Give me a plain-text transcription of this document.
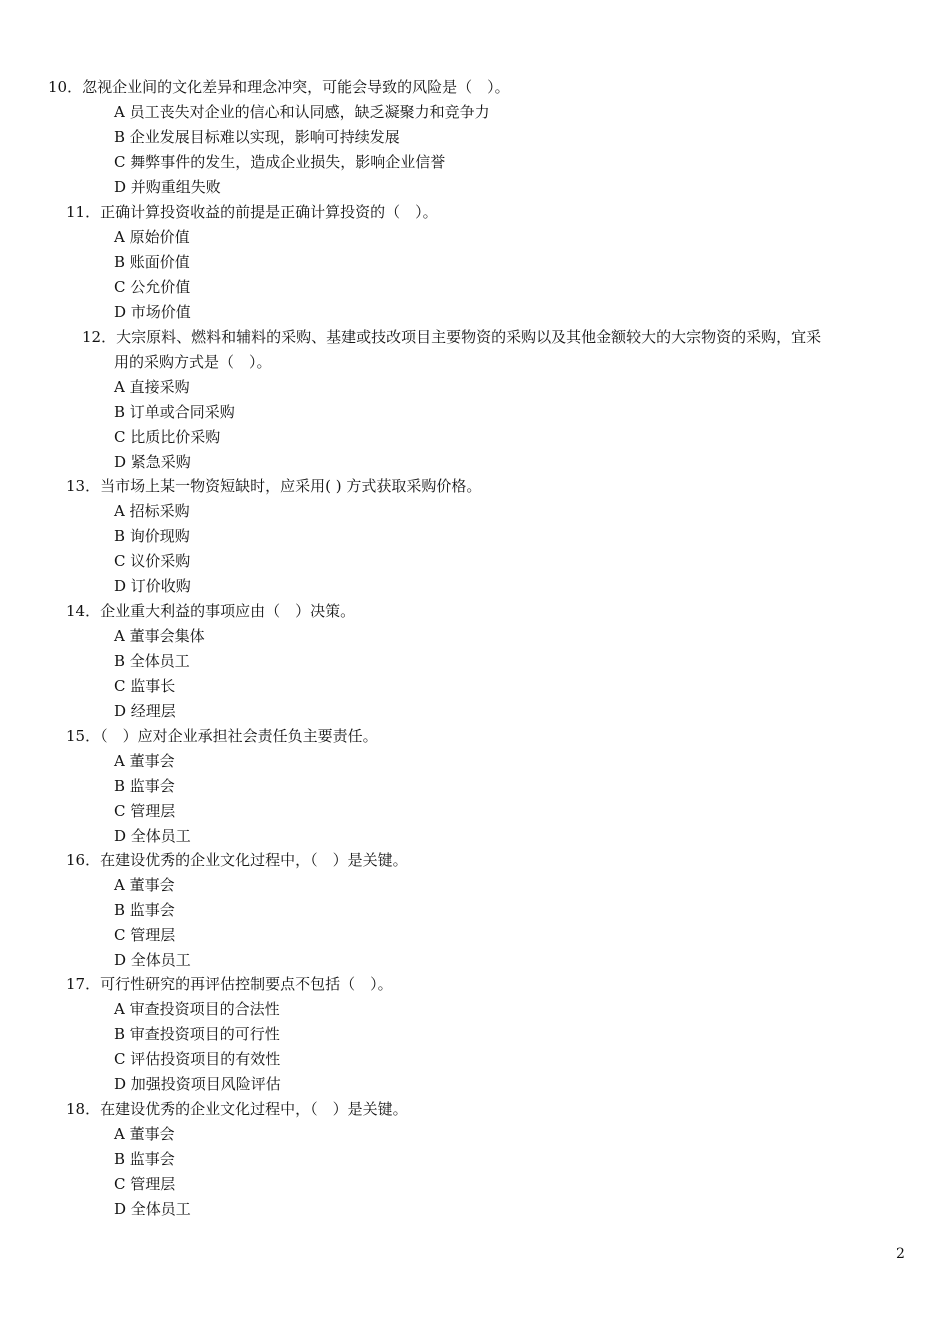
10．忽视企业间的文化差异和理念冲突，可能会导致的风险是（　）。
A 员工丧失对企业的信心和认同感，缺乏凝聚力和竞争力
B 企业发展目标难以实现，影响可持续发展
C 舞弊事件的发生，造成企业损失，影响企业信誉
D 并购重组失败
11．正确计算投资收益的前提是正确计算投资的（　）。
A 原始价值
B 账面价值
C 公允价值
D 市场价值
12．大宗原料、燃料和辅料的采购、基建或技改项目主要物资的采购以及其他金额较大的大宗物资的采购，宜采
用的采购方式是（　）。
A 直接采购
B 订单或合同采购
C 比质比价采购
D 紧急采购
13．当市场上某一物资短缺时，应采用( ) 方式获取采购价格。
A 招标采购
B 询价现购
C 议价采购
D 订价收购
14．企业重大利益的事项应由（　）决策。
A 董事会集体
B 全体员工
C 监事长
D 经理层
15．（　）应对企业承担社会责任负主要责任。
A 董事会
B 监事会
C 管理层
D 全体员工
16．在建设优秀的企业文化过程中，（　）是关键。
A 董事会
B 监事会
C 管理层
D 全体员工
17．可行性研究的再评估控制要点不包括（　）。
A 审查投资项目的合法性
B 审查投资项目的可行性
C 评估投资项目的有效性
D 加强投资项目风险评估
18．在建设优秀的企业文化过程中，（　）是关键。
A 董事会
B 监事会
C 管理层
D 全体员工
2
